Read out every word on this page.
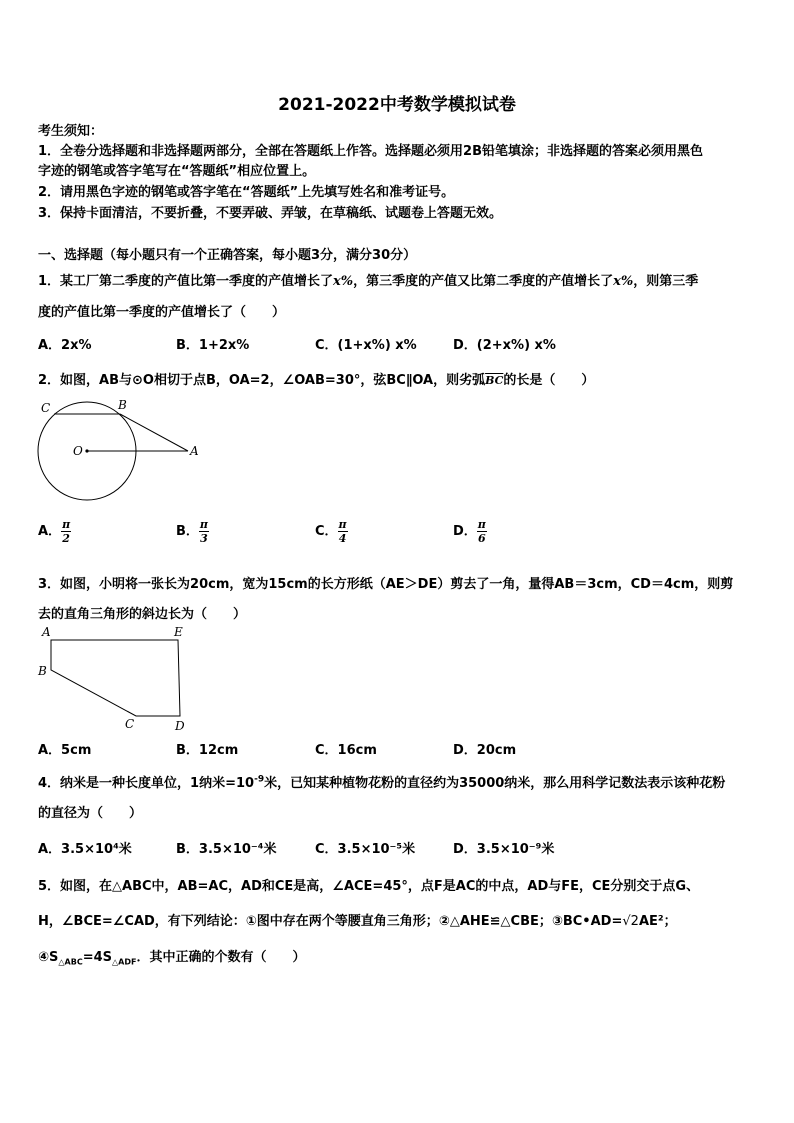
2021-2022中考数学模拟试卷
考生须知：
1．全卷分选择题和非选择题两部分，全部在答题纸上作答。选择题必须用2B铅笔填涂；非选择题的答案必须用黑色
字迹的钢笔或答字笔写在“答题纸”相应位置上。
2．请用黑色字迹的钢笔或答字笔在“答题纸”上先填写姓名和准考证号。
3．保持卡面清洁，不要折叠，不要弄破、弄皱，在草稿纸、试题卷上答题无效。
一、选择题（每小题只有一个正确答案，每小题3分，满分30分）
1．某工厂第二季度的产值比第一季度的产值增长了x%，第三季度的产值又比第二季度的产值增长了x%，则第三季
度的产值比第一季度的产值增长了（　　）
A．2x%	B．1+2x%	C．(1+x%) x%	D．(2+x%) x%
2．如图，AB与⊙O相切于点B，OA=2，∠OAB=30°，弦BC∥OA，则劣弧$\overline{BC}$的长是（　　）
C	B
O	A
A． $\frac{\pi}{2}$	B． $\frac{\pi}{3}$	C． $\frac{\pi}{4}$	D． $\frac{\pi}{6}$
3．如图，小明将一张长为20cm，宽为15cm的长方形纸（AE＞DE）剪去了一角，量得AB＝3cm，CD＝4cm，则剪
去的直角三角形的斜边长为（　　）
A	E
B
C	D
A．5cm	B．12cm	C．16cm	D．20cm
4．纳米是一种长度单位，1纳米$=10^{-9}$米，已知某种植物花粉的直径约为35000纳米，那么用科学记数法表示该种花粉
的直径为（　　）
A．3.5×10⁴米	B．3.5×10⁻⁴米	C．3.5×10⁻⁵米	D．3.5×10⁻⁹米
5．如图，在△ABC中，AB=AC，AD和CE是高，∠ACE=45°，点F是AC的中点，AD与FE，CE分别交于点G、
H，∠BCE=∠CAD，有下列结论：①图中存在两个等腰直角三角形；②△AHE≌△CBE；③BC•AD=√2AE²；
$④S_{\triangle ABC}=4S_{\triangle ADF}$．其中正确的个数有（　　）
